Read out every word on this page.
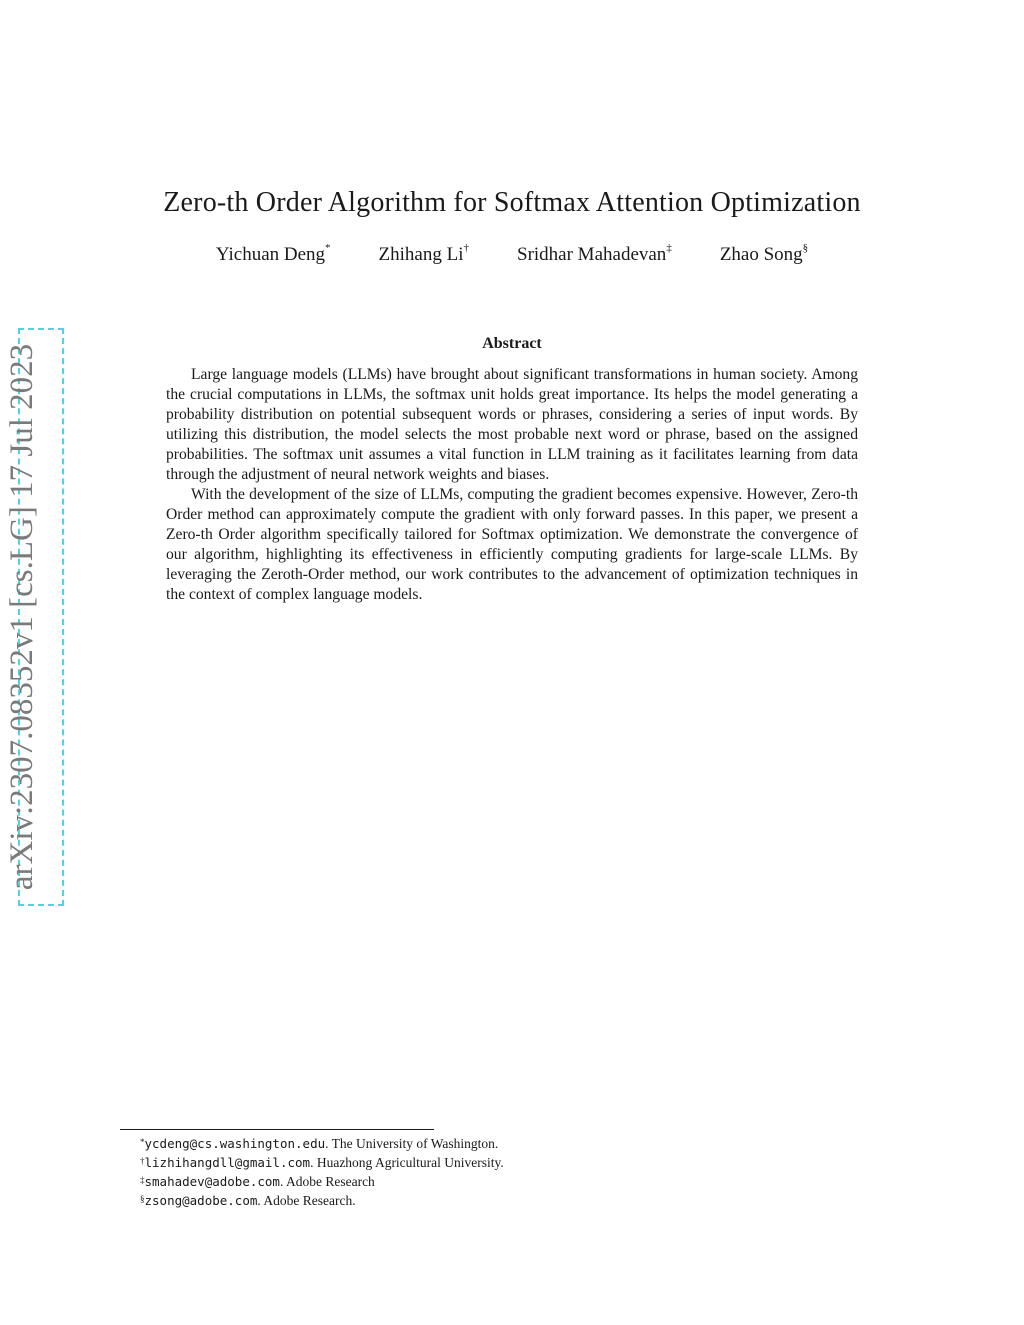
Zero-th Order Algorithm for Softmax Attention Optimization
Yichuan Deng*	Zhihang Li†	Sridhar Mahadevan‡	Zhao Song§
Abstract

Large language models (LLMs) have brought about significant transformations in human society. Among the crucial computations in LLMs, the softmax unit holds great importance. Its helps the model generating a probability distribution on potential subsequent words or phrases, considering a series of input words. By utilizing this distribution, the model selects the most probable next word or phrase, based on the assigned probabilities. The softmax unit assumes a vital function in LLM training as it facilitates learning from data through the adjustment of neural network weights and biases.

With the development of the size of LLMs, computing the gradient becomes expensive. However, Zero-th Order method can approximately compute the gradient with only forward passes. In this paper, we present a Zero-th Order algorithm specifically tailored for Softmax optimization. We demonstrate the convergence of our algorithm, highlighting its effectiveness in efficiently computing gradients for large-scale LLMs. By leveraging the Zeroth-Order method, our work contributes to the advancement of optimization techniques in the context of complex language models.

arXiv:2307.08352v1 [cs.LG] 17 Jul 2023
*ycdeng@cs.washington.edu. The University of Washington.
†lizhihangdll@gmail.com. Huazhong Agricultural University.
‡smahadev@adobe.com. Adobe Research
§zsong@adobe.com. Adobe Research.
